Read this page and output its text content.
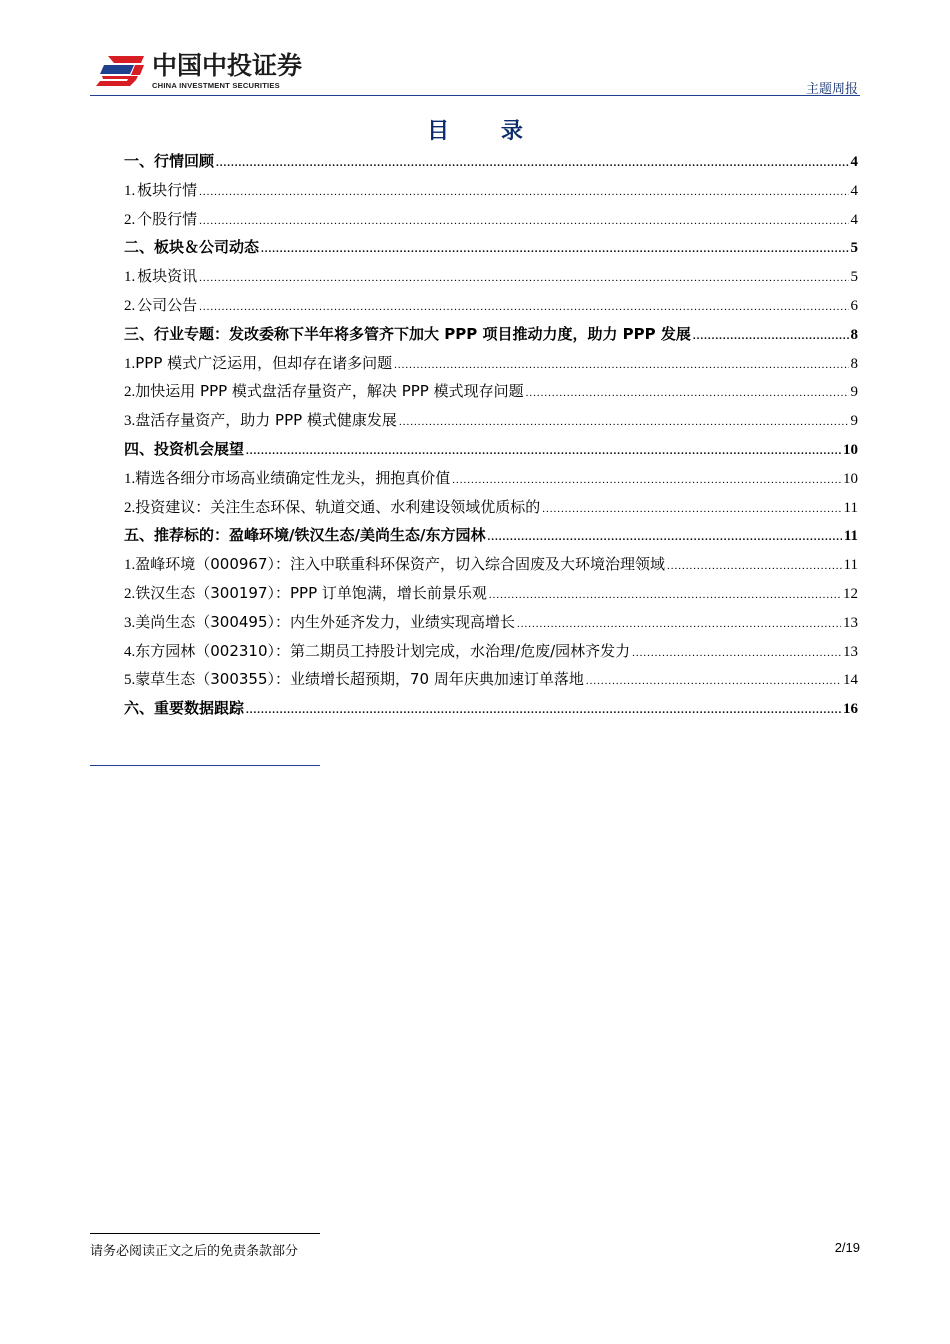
中国中投证券
CHINA INVESTMENT SECURITIES	主题周报
目 录
一、 行情回顾 .....	4
1. 板块行情 .....	4
2. 个股行情 .....	4
二、 板块＆公司动态 .....	5
1. 板块资讯 .....	5
2. 公司公告 .....	6
三、 行业专题：发改委称下半年将多管齐下加大 PPP 项目推动力度，助力 PPP 发展 .....	8
1. PPP 模式广泛运用，但却存在诸多问题 .....	8
2. 加快运用 PPP 模式盘活存量资产，解决 PPP 模式现存问题 .....	9
3. 盘活存量资产，助力 PPP 模式健康发展 .....	9
四、 投资机会展望 .....	10
1. 精选各细分市场高业绩确定性龙头，拥抱真价值 .....	10
2. 投资建议：关注生态环保、轨道交通、水利建设领域优质标的 .....	11
五、 推荐标的：盈峰环境/铁汉生态/美尚生态/东方园林 .....	11
1. 盈峰环境（000967）：注入中联重科环保资产，切入综合固废及大环境治理领域 .....	11
2. 铁汉生态（300197）：PPP 订单饱满，增长前景乐观 .....	12
3. 美尚生态（300495）：内生外延齐发力，业绩实现高增长 .....	13
4. 东方园林（002310）：第二期员工持股计划完成，水治理/危废/园林齐发力 .....	13
5. 蒙草生态（300355）：业绩增长超预期，70 周年庆典加速订单落地 .....	14
六、 重要数据跟踪 .....	16
请务必阅读正文之后的免责条款部分	2/19
